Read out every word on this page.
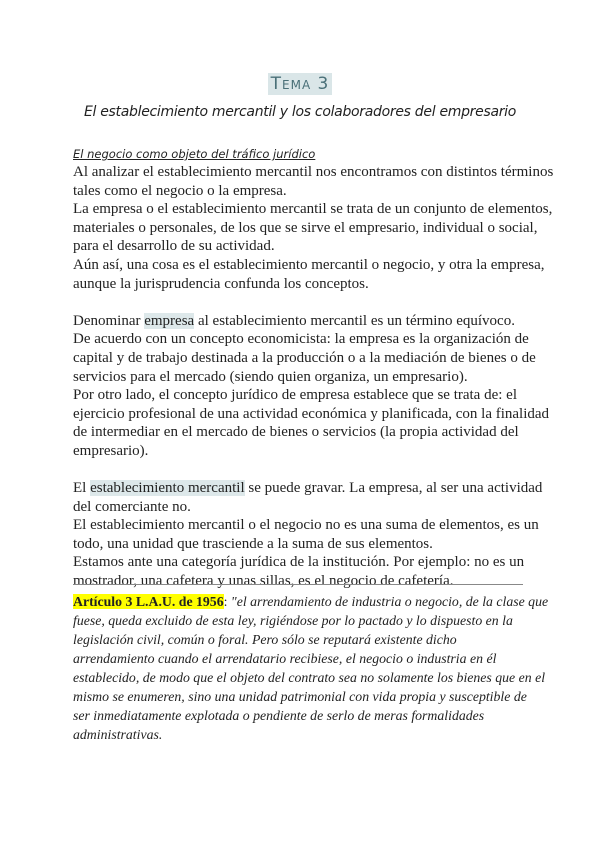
Tema 3
El establecimiento mercantil y los colaboradores del empresario
El negocio como objeto del tráfico jurídico
Al analizar el establecimiento mercantil nos encontramos con distintos términos
tales como el negocio o la empresa.
La empresa o el establecimiento mercantil se trata de un conjunto de elementos,
materiales o personales, de los que se sirve el empresario, individual o social,
para el desarrollo de su actividad.
Aún así, una cosa es el establecimiento mercantil o negocio, y otra la empresa,
aunque la jurisprudencia confunda los conceptos.
Denominar empresa al establecimiento mercantil es un término equívoco.
De acuerdo con un concepto economicista: la empresa es la organización de
capital y de trabajo destinada a la producción o a la mediación de bienes o de
servicios para el mercado (siendo quien organiza, un empresario).
Por otro lado, el concepto jurídico de empresa establece que se trata de: el
ejercicio profesional de una actividad económica y planificada, con la finalidad
de intermediar en el mercado de bienes o servicios (la propia actividad del
empresario).
El establecimiento mercantil se puede gravar. La empresa, al ser una actividad
del comerciante no.
El establecimiento mercantil o el negocio no es una suma de elementos, es un
todo, una unidad que trasciende a la suma de sus elementos.
Estamos ante una categoría jurídica de la institución. Por ejemplo: no es un
mostrador, una cafetera y unas sillas, es el negocio de cafetería.
Artículo 3 L.A.U. de 1956: "el arrendamiento de industria o negocio, de la clase que
fuese, queda excluido de esta ley, rigiéndose por lo pactado y lo dispuesto en la
legislación civil, común o foral. Pero sólo se reputará existente dicho
arrendamiento cuando el arrendatario recibiese, el negocio o industria en él
establecido, de modo que el objeto del contrato sea no solamente los bienes que en el
mismo se enumeren, sino una unidad patrimonial con vida propia y susceptible de
ser inmediatamente explotada o pendiente de serlo de meras formalidades
administrativas.
